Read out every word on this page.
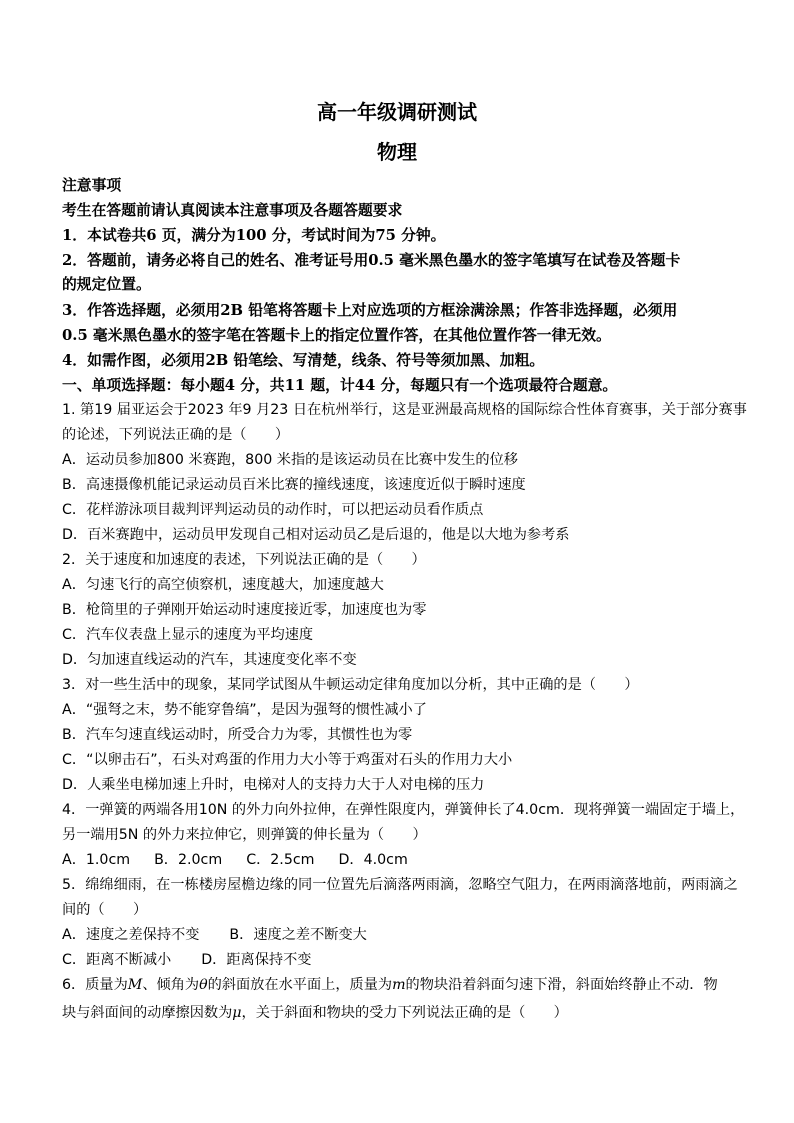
高一年级调研测试
物理
注意事项
考生在答题前请认真阅读本注意事项及各题答题要求
1．本试卷共6 页，满分为100 分，考试时间为75 分钟。
2．答题前，请务必将自己的姓名、准考证号用0.5 毫米黑色墨水的签字笔填写在试卷及答题卡
的规定位置。
3．作答选择题，必须用2B 铅笔将答题卡上对应选项的方框涂满涂黑；作答非选择题，必须用
0.5 毫米黑色墨水的签字笔在答题卡上的指定位置作答，在其他位置作答一律无效。
4．如需作图，必须用2B 铅笔绘、写清楚，线条、符号等须加黑、加粗。
一、单项选择题：每小题4 分，共11 题，计44 分，每题只有一个选项最符合题意。
1. 第19 届亚运会于2023 年9 月23 日在杭州举行，这是亚洲最高规格的国际综合性体育赛事，关于部分赛事
的论述，下列说法正确的是（　　）
A．运动员参加800 米赛跑，800 米指的是该运动员在比赛中发生的位移
B．高速摄像机能记录运动员百米比赛的撞线速度，该速度近似于瞬时速度
C．花样游泳项目裁判评判运动员的动作时，可以把运动员看作质点
D．百米赛跑中，运动员甲发现自己相对运动员乙是后退的，他是以大地为参考系
2．关于速度和加速度的表述，下列说法正确的是（　　）
A．匀速飞行的高空侦察机，速度越大，加速度越大
B．枪筒里的子弹刚开始运动时速度接近零，加速度也为零
C．汽车仪表盘上显示的速度为平均速度
D．匀加速直线运动的汽车，其速度变化率不变
3．对一些生活中的现象，某同学试图从牛顿运动定律角度加以分析，其中正确的是（　　）
A．“强弩之末，势不能穿鲁缟”，是因为强弩的惯性减小了
B．汽车匀速直线运动时，所受合力为零，其惯性也为零
C．“以卵击石”，石头对鸡蛋的作用力大小等于鸡蛋对石头的作用力大小
D．人乘坐电梯加速上升时，电梯对人的支持力大于人对电梯的压力
4．一弹簧的两端各用10N 的外力向外拉伸，在弹性限度内，弹簧伸长了4.0cm．现将弹簧一端固定于墙上，
另一端用5N 的外力来拉伸它，则弹簧的伸长量为（　　）
A．1.0cm B．2.0cm C．2.5cm D．4.0cm
5．绵绵细雨，在一栋楼房屋檐边缘的同一位置先后滴落两雨滴，忽略空气阻力，在两雨滴落地前，两雨滴之
间的（　　）
A．速度之差保持不变 B．速度之差不断变大
C．距离不断减小 D．距离保持不变
6．质量为M、倾角为θ的斜面放在水平面上，质量为m的物块沿着斜面匀速下滑，斜面始终静止不动．物
块与斜面间的动摩擦因数为μ，关于斜面和物块的受力下列说法正确的是（　　）
